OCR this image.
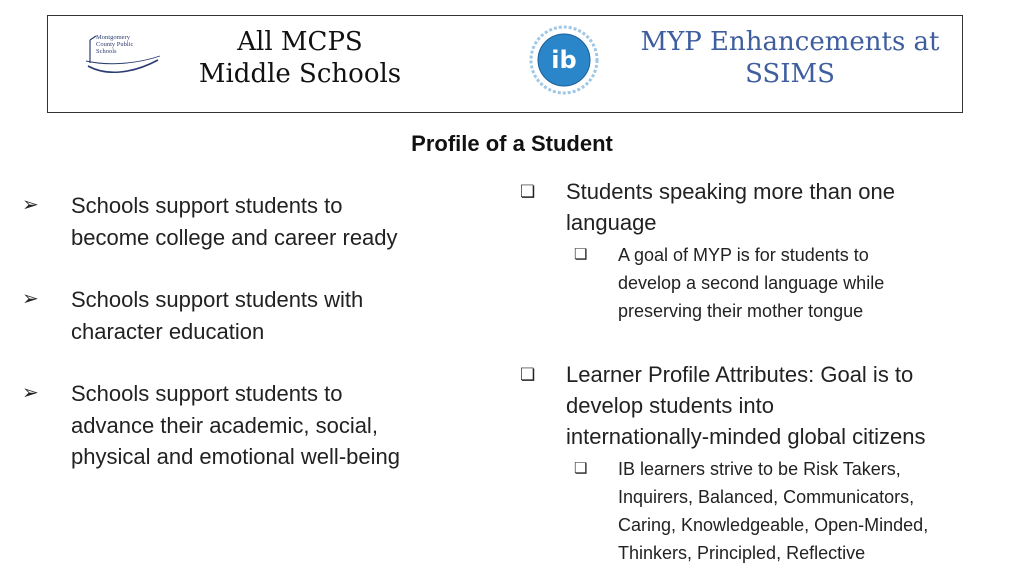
Montgomery
County Public
Schools	All MCPS
Middle Schools	ib
MYP Enhancements at
SSIMS
Profile of a Student
➢ Schools support students to
become college and career ready
➢ Schools support students with
character education
➢ Schools support students to
advance their academic, social,
physical and emotional well-being
❏ Students speaking more than one
language
❏ A goal of MYP is for students to
develop a second language while
preserving their mother tongue
❏ Learner Profile Attributes: Goal is to
develop students into
internationally-minded global citizens
❏ IB learners strive to be Risk Takers,
Inquirers, Balanced, Communicators,
Caring, Knowledgeable, Open-Minded,
Thinkers, Principled, Reflective
